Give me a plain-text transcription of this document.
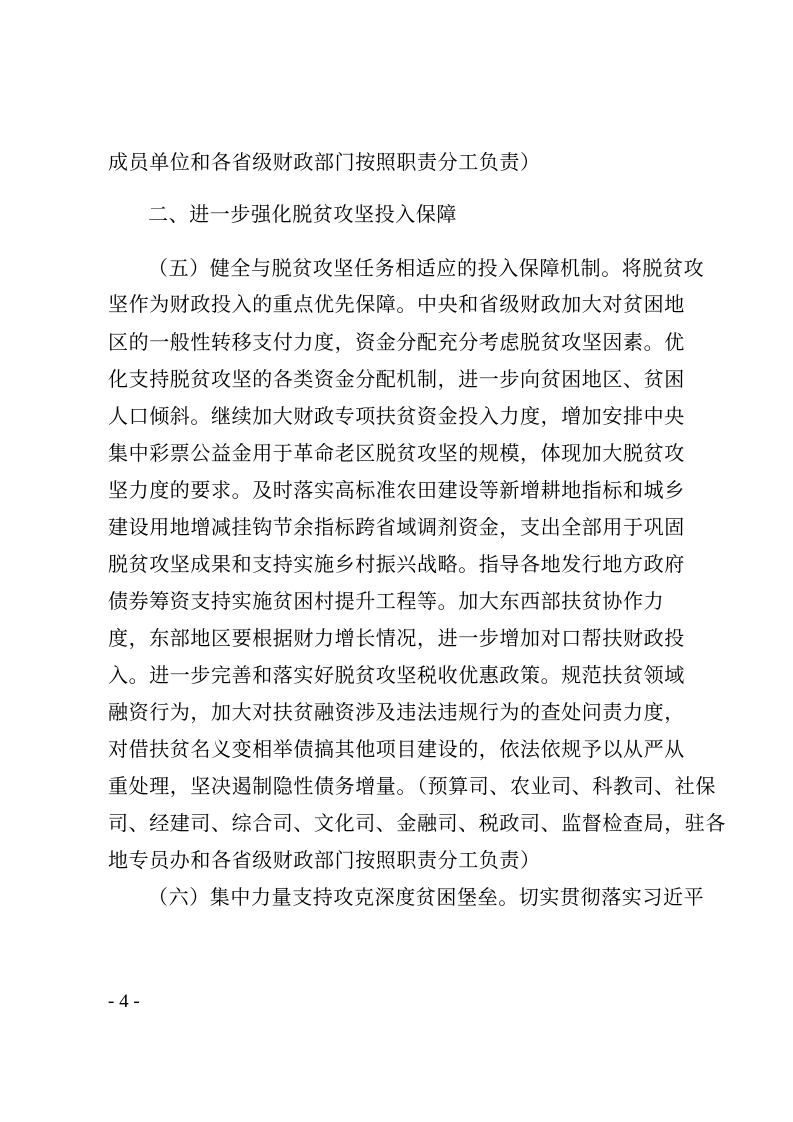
成员单位和各省级财政部门按照职责分工负责）
二、进一步强化脱贫攻坚投入保障
（五）健全与脱贫攻坚任务相适应的投入保障机制。将脱贫攻
坚作为财政投入的重点优先保障。中央和省级财政加大对贫困地
区的一般性转移支付力度，资金分配充分考虑脱贫攻坚因素。优
化支持脱贫攻坚的各类资金分配机制，进一步向贫困地区、贫困
人口倾斜。继续加大财政专项扶贫资金投入力度，增加安排中央
集中彩票公益金用于革命老区脱贫攻坚的规模，体现加大脱贫攻
坚力度的要求。及时落实高标准农田建设等新增耕地指标和城乡
建设用地增减挂钩节余指标跨省域调剂资金，支出全部用于巩固
脱贫攻坚成果和支持实施乡村振兴战略。指导各地发行地方政府
债券筹资支持实施贫困村提升工程等。加大东西部扶贫协作力
度，东部地区要根据财力增长情况，进一步增加对口帮扶财政投
入。进一步完善和落实好脱贫攻坚税收优惠政策。规范扶贫领域
融资行为，加大对扶贫融资涉及违法违规行为的查处问责力度，
对借扶贫名义变相举债搞其他项目建设的，依法依规予以从严从
重处理，坚决遏制隐性债务增量。（预算司、农业司、科教司、社保
司、经建司、综合司、文化司、金融司、税政司、监督检查局，驻各
地专员办和各省级财政部门按照职责分工负责）
（六）集中力量支持攻克深度贫困堡垒。切实贯彻落实习近平
- 4 -
